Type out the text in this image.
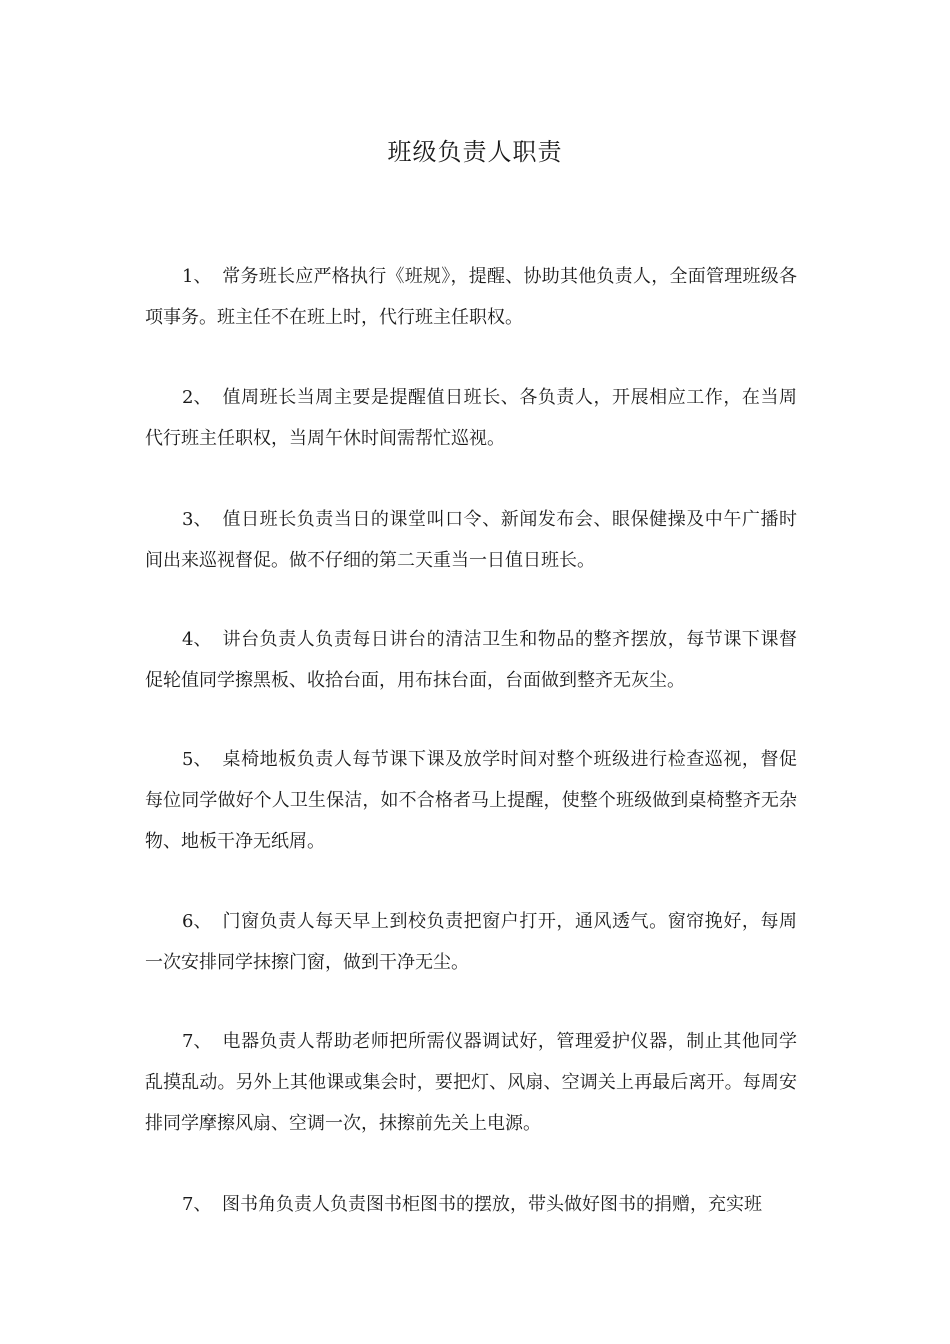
班级负责人职责
1、 常务班长应严格执行《班规》，提醒、协助其他负责人，全面管理班级各项事务。班主任不在班上时，代行班主任职权。
2、 值周班长当周主要是提醒值日班长、各负责人，开展相应工作，在当周代行班主任职权，当周午休时间需帮忙巡视。
3、 值日班长负责当日的课堂叫口令、新闻发布会、眼保健操及中午广播时间出来巡视督促。做不仔细的第二天重当一日值日班长。
4、 讲台负责人负责每日讲台的清洁卫生和物品的整齐摆放，每节课下课督促轮值同学擦黑板、收拾台面，用布抹台面，台面做到整齐无灰尘。
5、 桌椅地板负责人每节课下课及放学时间对整个班级进行检查巡视，督促每位同学做好个人卫生保洁，如不合格者马上提醒，使整个班级做到桌椅整齐无杂物、地板干净无纸屑。
6、 门窗负责人每天早上到校负责把窗户打开，通风透气。窗帘挽好，每周一次安排同学抹擦门窗，做到干净无尘。
7、 电器负责人帮助老师把所需仪器调试好，管理爱护仪器，制止其他同学乱摸乱动。另外上其他课或集会时，要把灯、风扇、空调关上再最后离开。每周安排同学摩擦风扇、空调一次，抹擦前先关上电源。
7、 图书角负责人负责图书柜图书的摆放，带头做好图书的捐赠，充实班
